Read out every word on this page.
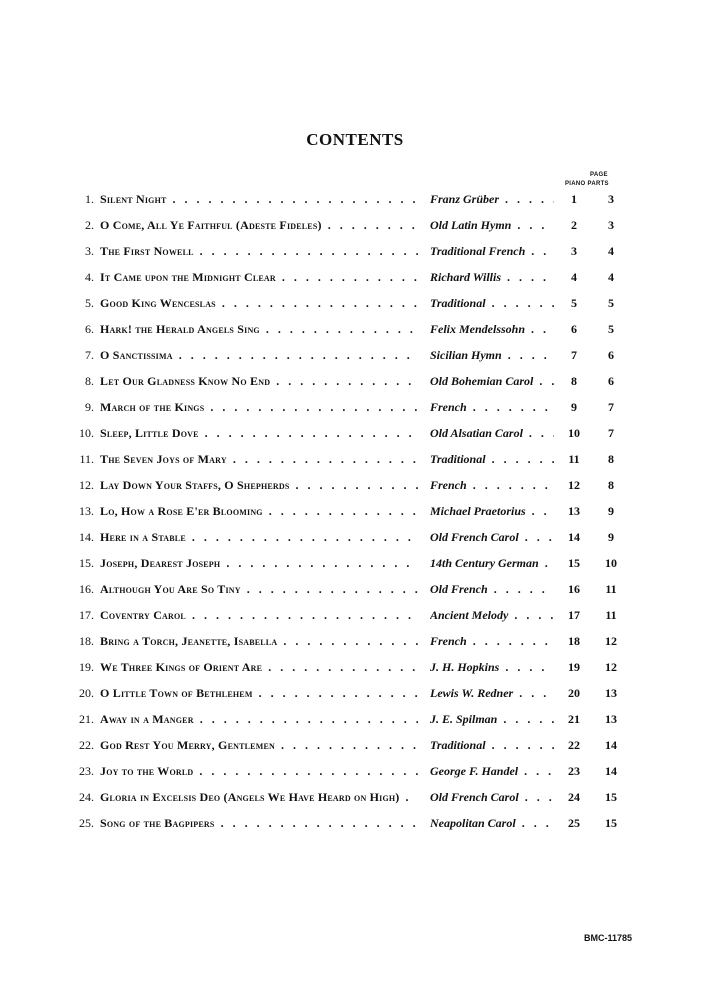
CONTENTS
PAGE
PIANO PARTS
1. Silent Night . . .	Franz Grüber . . .	1	3
2. O Come, All Ye Faithful (Adeste Fideles) . . .	Old Latin Hymn . . .	2	3
3. The First Nowell . . .	Traditional French . . .	3	4
4. It Came upon the Midnight Clear . . .	Richard Willis . . .	4	4
5. Good King Wenceslas . . .	Traditional . . .	5	5
6. Hark! the Herald Angels Sing . . .	Felix Mendelssohn . . .	6	5
7. O Sanctissima . . .	Sicilian Hymn . . .	7	6
8. Let Our Gladness Know No End . . .	Old Bohemian Carol . . .	8	6
9. March of the Kings . . .	French . . .	9	7
10. Sleep, Little Dove . . .	Old Alsatian Carol . . .	10	7
11. The Seven Joys of Mary . . .	Traditional . . .	11	8
12. Lay Down Your Staffs, O Shepherds . . .	French . . .	12	8
13. Lo, How a Rose E'er Blooming . . .	Michael Praetorius . . .	13	9
14. Here in a Stable . . .	Old French Carol . . .	14	9
15. Joseph, Dearest Joseph . . .	14th Century German . . .	15	10
16. Although You Are So Tiny . . .	Old French . . .	16	11
17. Coventry Carol . . .	Ancient Melody . . .	17	11
18. Bring a Torch, Jeanette, Isabella . . .	French . . .	18	12
19. We Three Kings of Orient Are . . .	J. H. Hopkins . . .	19	12
20. O Little Town of Bethlehem . . .	Lewis W. Redner . . .	20	13
21. Away in a Manger . . .	J. E. Spilman . . .	21	13
22. God Rest You Merry, Gentlemen . . .	Traditional . . .	22	14
23. Joy to the World . . .	George F. Handel . . .	23	14
24. Gloria in Excelsis Deo (Angels We Have Heard on High) . . .	Old French Carol . . .	24	15
25. Song of the Bagpipers . . .	Neapolitan Carol . . .	25	15
BMC-11785
